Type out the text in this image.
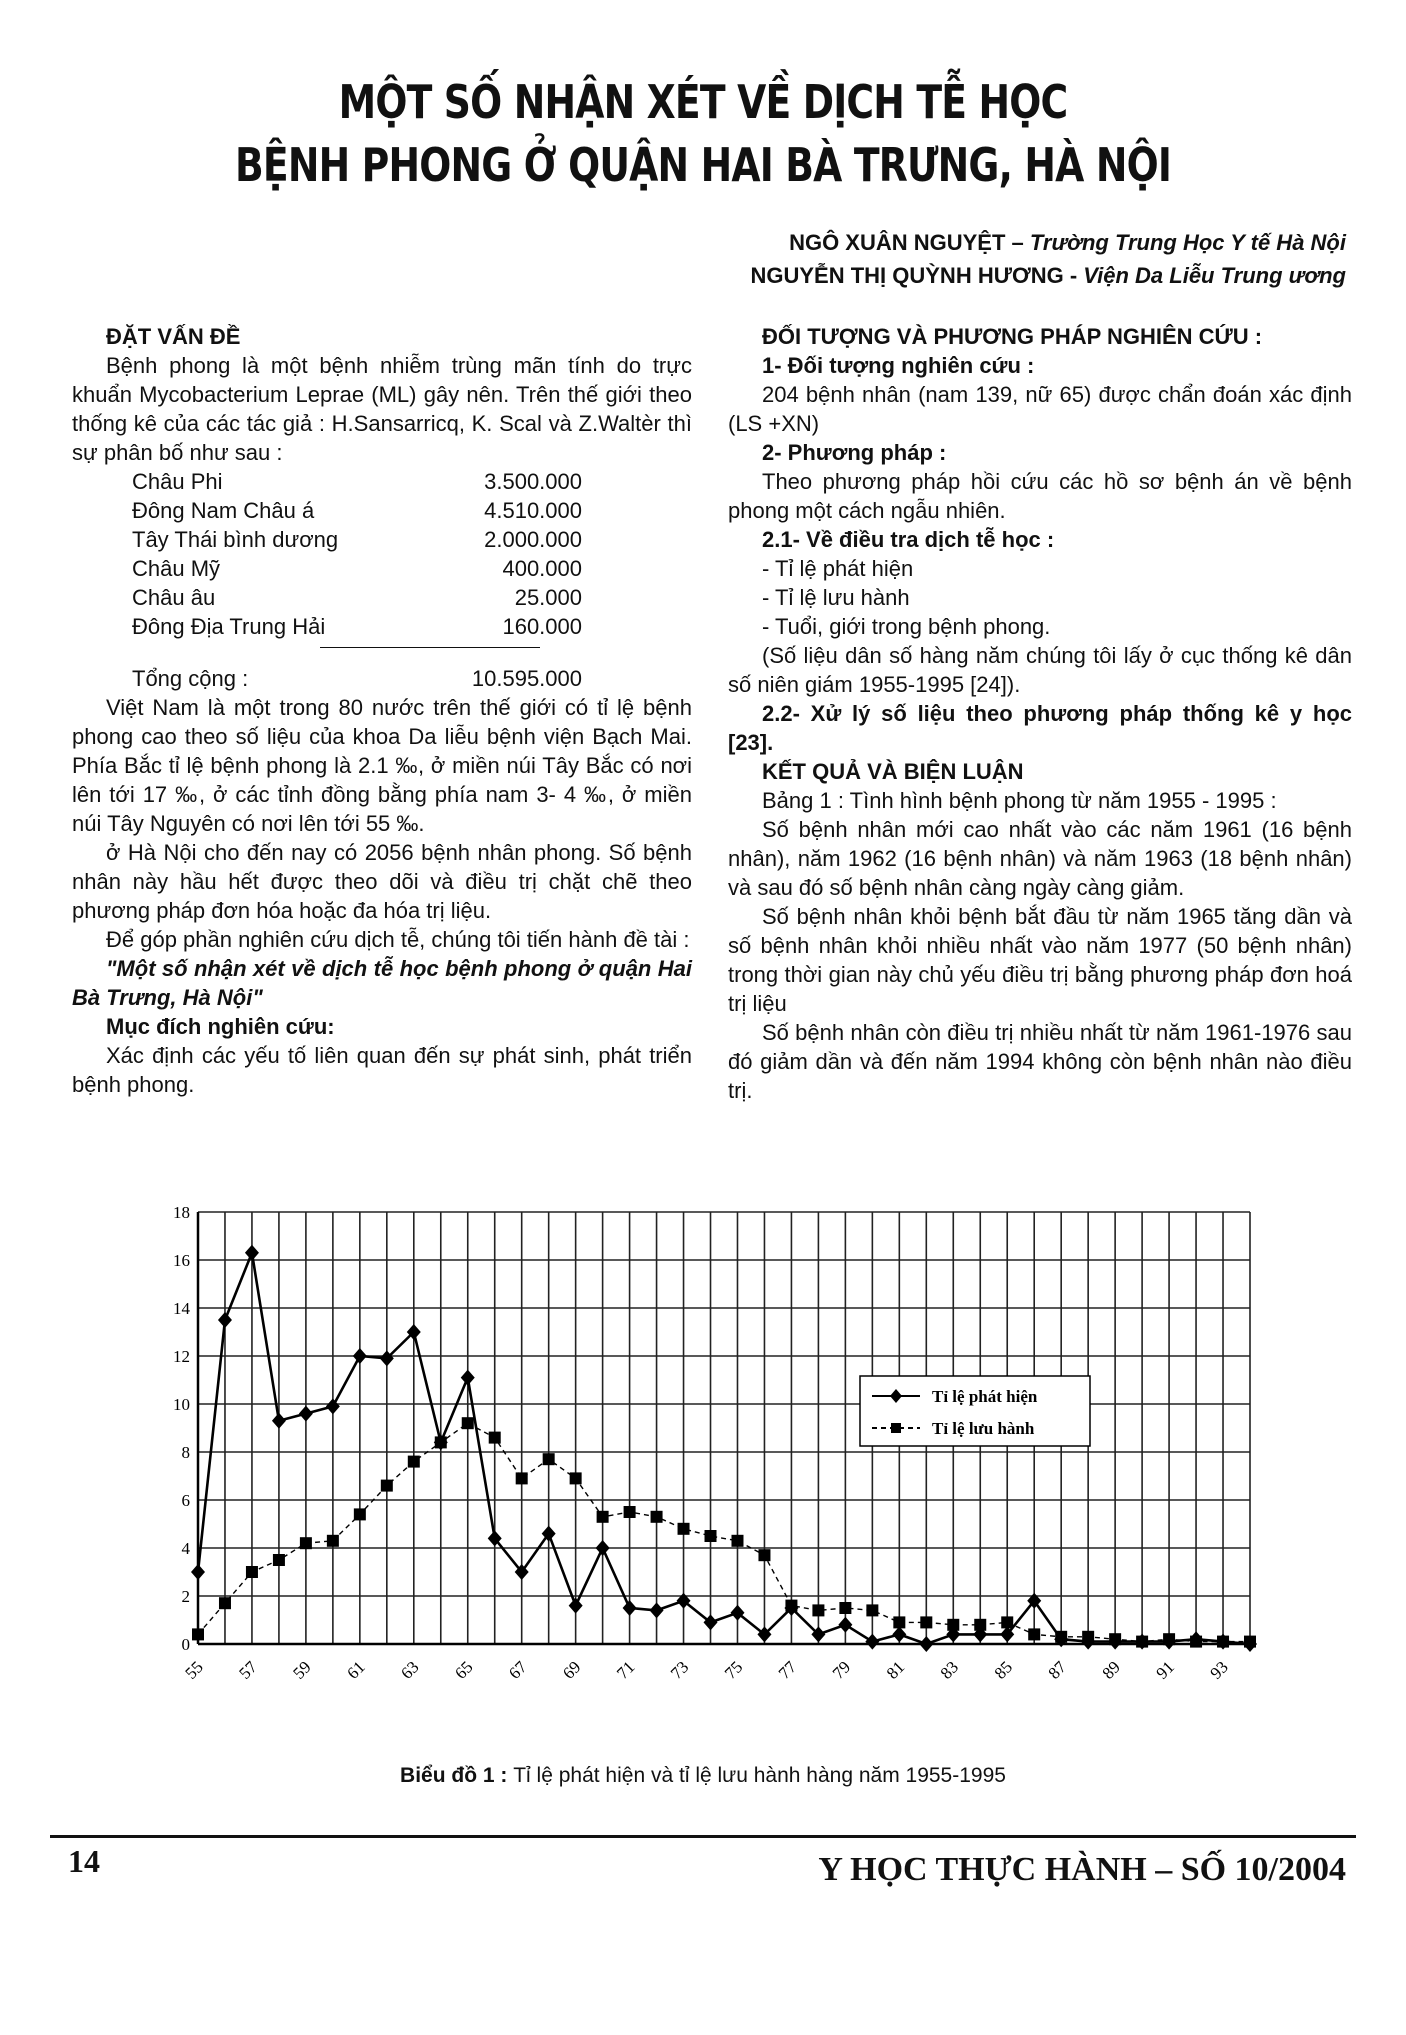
MỘT SỐ NHẬN XÉT VỀ DỊCH TỄ HỌC
BỆNH PHONG Ở QUẬN HAI BÀ TRƯNG, HÀ NỘI
NGÔ XUÂN NGUYỆT – Trường Trung Học Y tế Hà Nội
NGUYỄN THỊ QUỲNH HƯƠNG - Viện Da Liễu Trung ương

ĐẶT VẤN ĐỀ

Bệnh phong là một bệnh nhiễm trùng mãn tính do trực khuẩn Mycobacterium Leprae (ML) gây nên. Trên thế giới theo thống kê của các tác giả : H.Sansarricq, K. Scal và Z.Waltèr thì sự phân bố như sau :

Châu Phi	3.500.000
Đông Nam Châu á	4.510.000
Tây Thái bình dương	2.000.000
Châu Mỹ	400.000
Châu âu	25.000
Đông Địa Trung Hải	160.000
Tổng cộng :	10.595.000

Việt Nam là một trong 80 nước trên thế giới có tỉ lệ bệnh phong cao theo số liệu của khoa Da liễu bệnh viện Bạch Mai. Phía Bắc tỉ lệ bệnh phong là 2.1 ‰, ở miền núi Tây Bắc có nơi lên tới 17 ‰, ở các tỉnh đồng bằng phía nam 3- 4 ‰, ở miền núi Tây Nguyên có nơi lên tới 55 ‰.

ở Hà Nội cho đến nay có 2056 bệnh nhân phong. Số bệnh nhân này hầu hết được theo dõi và điều trị chặt chẽ theo phương pháp đơn hóa hoặc đa hóa trị liệu.

Để góp phần nghiên cứu dịch tễ, chúng tôi tiến hành đề tài :

"Một số nhận xét về dịch tễ học bệnh phong ở quận Hai Bà Trưng, Hà Nội"

Mục đích nghiên cứu:

Xác định các yếu tố liên quan đến sự phát sinh, phát triển bệnh phong.

ĐỐI TƯỢNG VÀ PHƯƠNG PHÁP NGHIÊN CỨU :

1- Đối tượng nghiên cứu :

204 bệnh nhân (nam 139, nữ 65) được chẩn đoán xác định (LS +XN)

2- Phương pháp :

Theo phương pháp hồi cứu các hồ sơ bệnh án về bệnh phong một cách ngẫu nhiên.

2.1- Về điều tra dịch tễ học :

- Tỉ lệ phát hiện

- Tỉ lệ lưu hành

- Tuổi, giới trong bệnh phong.

(Số liệu dân số hàng năm chúng tôi lấy ở cục thống kê dân số niên giám 1955-1995 [24]).

2.2- Xử lý số liệu theo phương pháp thống kê y học [23].

KẾT QUẢ VÀ BIỆN LUẬN

Bảng 1 : Tình hình bệnh phong từ năm 1955 - 1995 :

Số bệnh nhân mới cao nhất vào các năm 1961 (16 bệnh nhân), năm 1962 (16 bệnh nhân) và năm 1963 (18 bệnh nhân) và sau đó số bệnh nhân càng ngày càng giảm.

Số bệnh nhân khỏi bệnh bắt đầu từ năm 1965 tăng dần và số bệnh nhân khỏi nhiều nhất vào năm 1977 (50 bệnh nhân) trong thời gian này chủ yếu điều trị bằng phương pháp đơn hoá trị liệu

Số bệnh nhân còn điều trị nhiều nhất từ năm 1961-1976 sau đó giảm dần và đến năm 1994 không còn bệnh nhân nào điều trị.

0
2
4
6
8
10
12
14
16
18
55 57 59 61 63 65 67 69 71 73 75 77 79 81 83 85 87 89 91 93
Tỉ lệ phát hiện
Tỉ lệ lưu hành
Biểu đồ 1 : Tỉ lệ phát hiện và tỉ lệ lưu hành hàng năm 1955-1995
14	Y HỌC THỰC HÀNH – SỐ 10/2004
